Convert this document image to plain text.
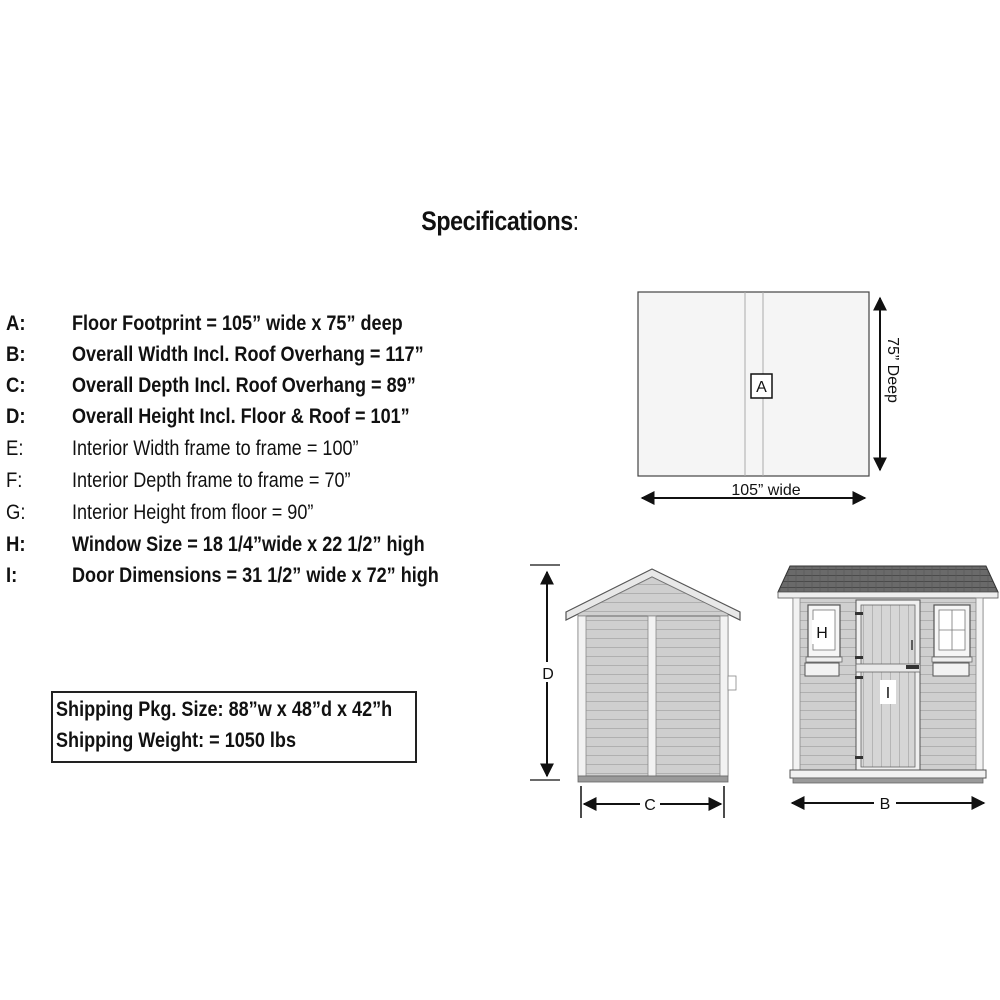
Specifications:
A:	Floor Footprint = 105” wide x 75” deep
B:	Overall Width Incl. Roof Overhang = 117”
C:	Overall Depth Incl. Roof Overhang = 89”
D:	Overall Height Incl. Floor & Roof = 101”
E:	Interior Width frame to frame = 100”
F:	Interior Depth frame to frame = 70”
G:	Interior Height from floor = 90”
H:	Window Size = 18 1/4”wide x 22 1/2” high
I:	Door Dimensions = 31 1/2” wide x 72” high
Shipping Pkg. Size: 88”w x 48”d x 42”h
Shipping Weight: = 1050 lbs
A	75” Deep
105” wide
D
C
H
I
B
